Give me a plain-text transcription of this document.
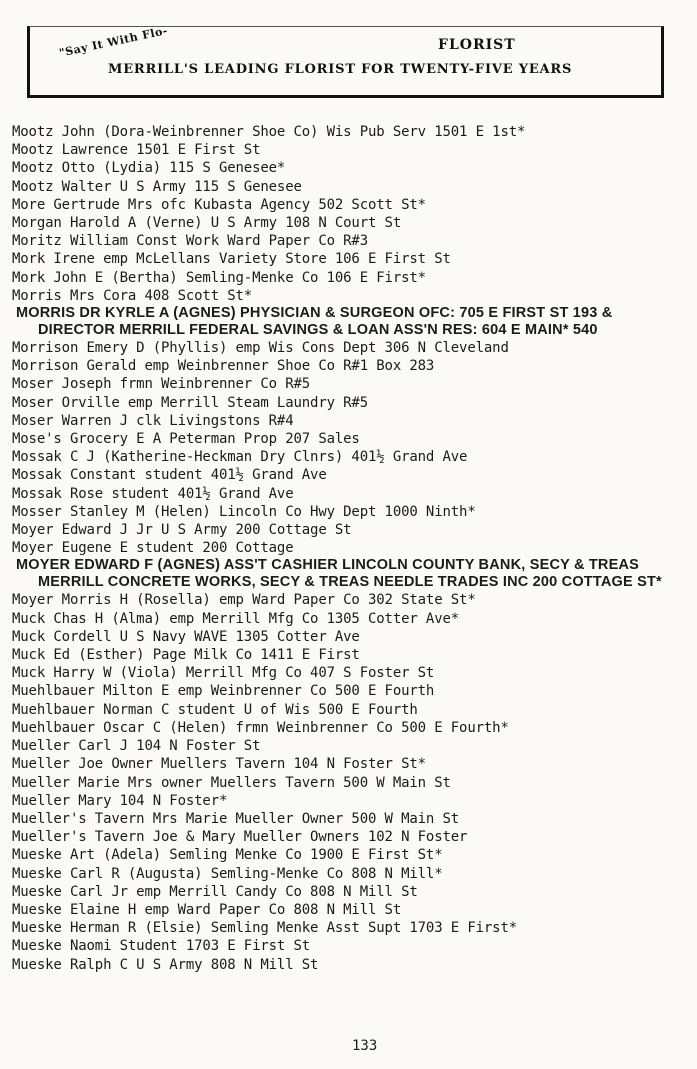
"Say It With Flo-	FLORIST
MERRILL'S LEADING FLORIST FOR TWENTY-FIVE YEARS
Mootz John (Dora-Weinbrenner Shoe Co) Wis Pub Serv 1501 E 1st*
Mootz Lawrence 1501 E First St
Mootz Otto (Lydia) 115 S Genesee*
Mootz Walter U S Army 115 S Genesee
More Gertrude Mrs ofc Kubasta Agency 502 Scott St*
Morgan Harold A (Verne) U S Army 108 N Court St
Moritz William Const Work Ward Paper Co R#3
Mork Irene emp McLellans Variety Store 106 E First St
Mork John E (Bertha) Semling-Menke Co 106 E First*
Morris Mrs Cora 408 Scott St*
MORRIS DR KYRLE A (AGNES) PHYSICIAN & SURGEON OFC: 705 E FIRST ST 193 & DIRECTOR MERRILL FEDERAL SAVINGS & LOAN ASS'N RES: 604 E MAIN* 540
Morrison Emery D (Phyllis) emp Wis Cons Dept 306 N Cleveland
Morrison Gerald emp Weinbrenner Shoe Co R#1 Box 283
Moser Joseph frmn Weinbrenner Co R#5
Moser Orville emp Merrill Steam Laundry R#5
Moser Warren J clk Livingstons R#4
Mose's Grocery E A Peterman Prop 207 Sales
Mossak C J (Katherine-Heckman Dry Clnrs) 401½ Grand Ave
Mossak Constant student 401½ Grand Ave
Mossak Rose student 401½ Grand Ave
Mosser Stanley M (Helen) Lincoln Co Hwy Dept 1000 Ninth*
Moyer Edward J Jr U S Army 200 Cottage St
Moyer Eugene E student 200 Cottage
MOYER EDWARD F (AGNES) ASS'T CASHIER LINCOLN COUNTY BANK, SECY & TREAS MERRILL CONCRETE WORKS, SECY & TREAS NEEDLE TRADES INC 200 COTTAGE ST*
Moyer Morris H (Rosella) emp Ward Paper Co 302 State St*
Muck Chas H (Alma) emp Merrill Mfg Co 1305 Cotter Ave*
Muck Cordell U S Navy WAVE 1305 Cotter Ave
Muck Ed (Esther) Page Milk Co 1411 E First
Muck Harry W (Viola) Merrill Mfg Co 407 S Foster St
Muehlbauer Milton E emp Weinbrenner Co 500 E Fourth
Muehlbauer Norman C student U of Wis 500 E Fourth
Muehlbauer Oscar C (Helen) frmn Weinbrenner Co 500 E Fourth*
Mueller Carl J 104 N Foster St
Mueller Joe Owner Muellers Tavern 104 N Foster St*
Mueller Marie Mrs owner Muellers Tavern 500 W Main St
Mueller Mary 104 N Foster*
Mueller's Tavern Mrs Marie Mueller Owner 500 W Main St
Mueller's Tavern Joe & Mary Mueller Owners 102 N Foster
Mueske Art (Adela) Semling Menke Co 1900 E First St*
Mueske Carl R (Augusta) Semling-Menke Co 808 N Mill*
Mueske Carl Jr emp Merrill Candy Co 808 N Mill St
Mueske Elaine H emp Ward Paper Co 808 N Mill St
Mueske Herman R (Elsie) Semling Menke Asst Supt 1703 E First*
Mueske Naomi Student 1703 E First St
Mueske Ralph C U S Army 808 N Mill St
133
